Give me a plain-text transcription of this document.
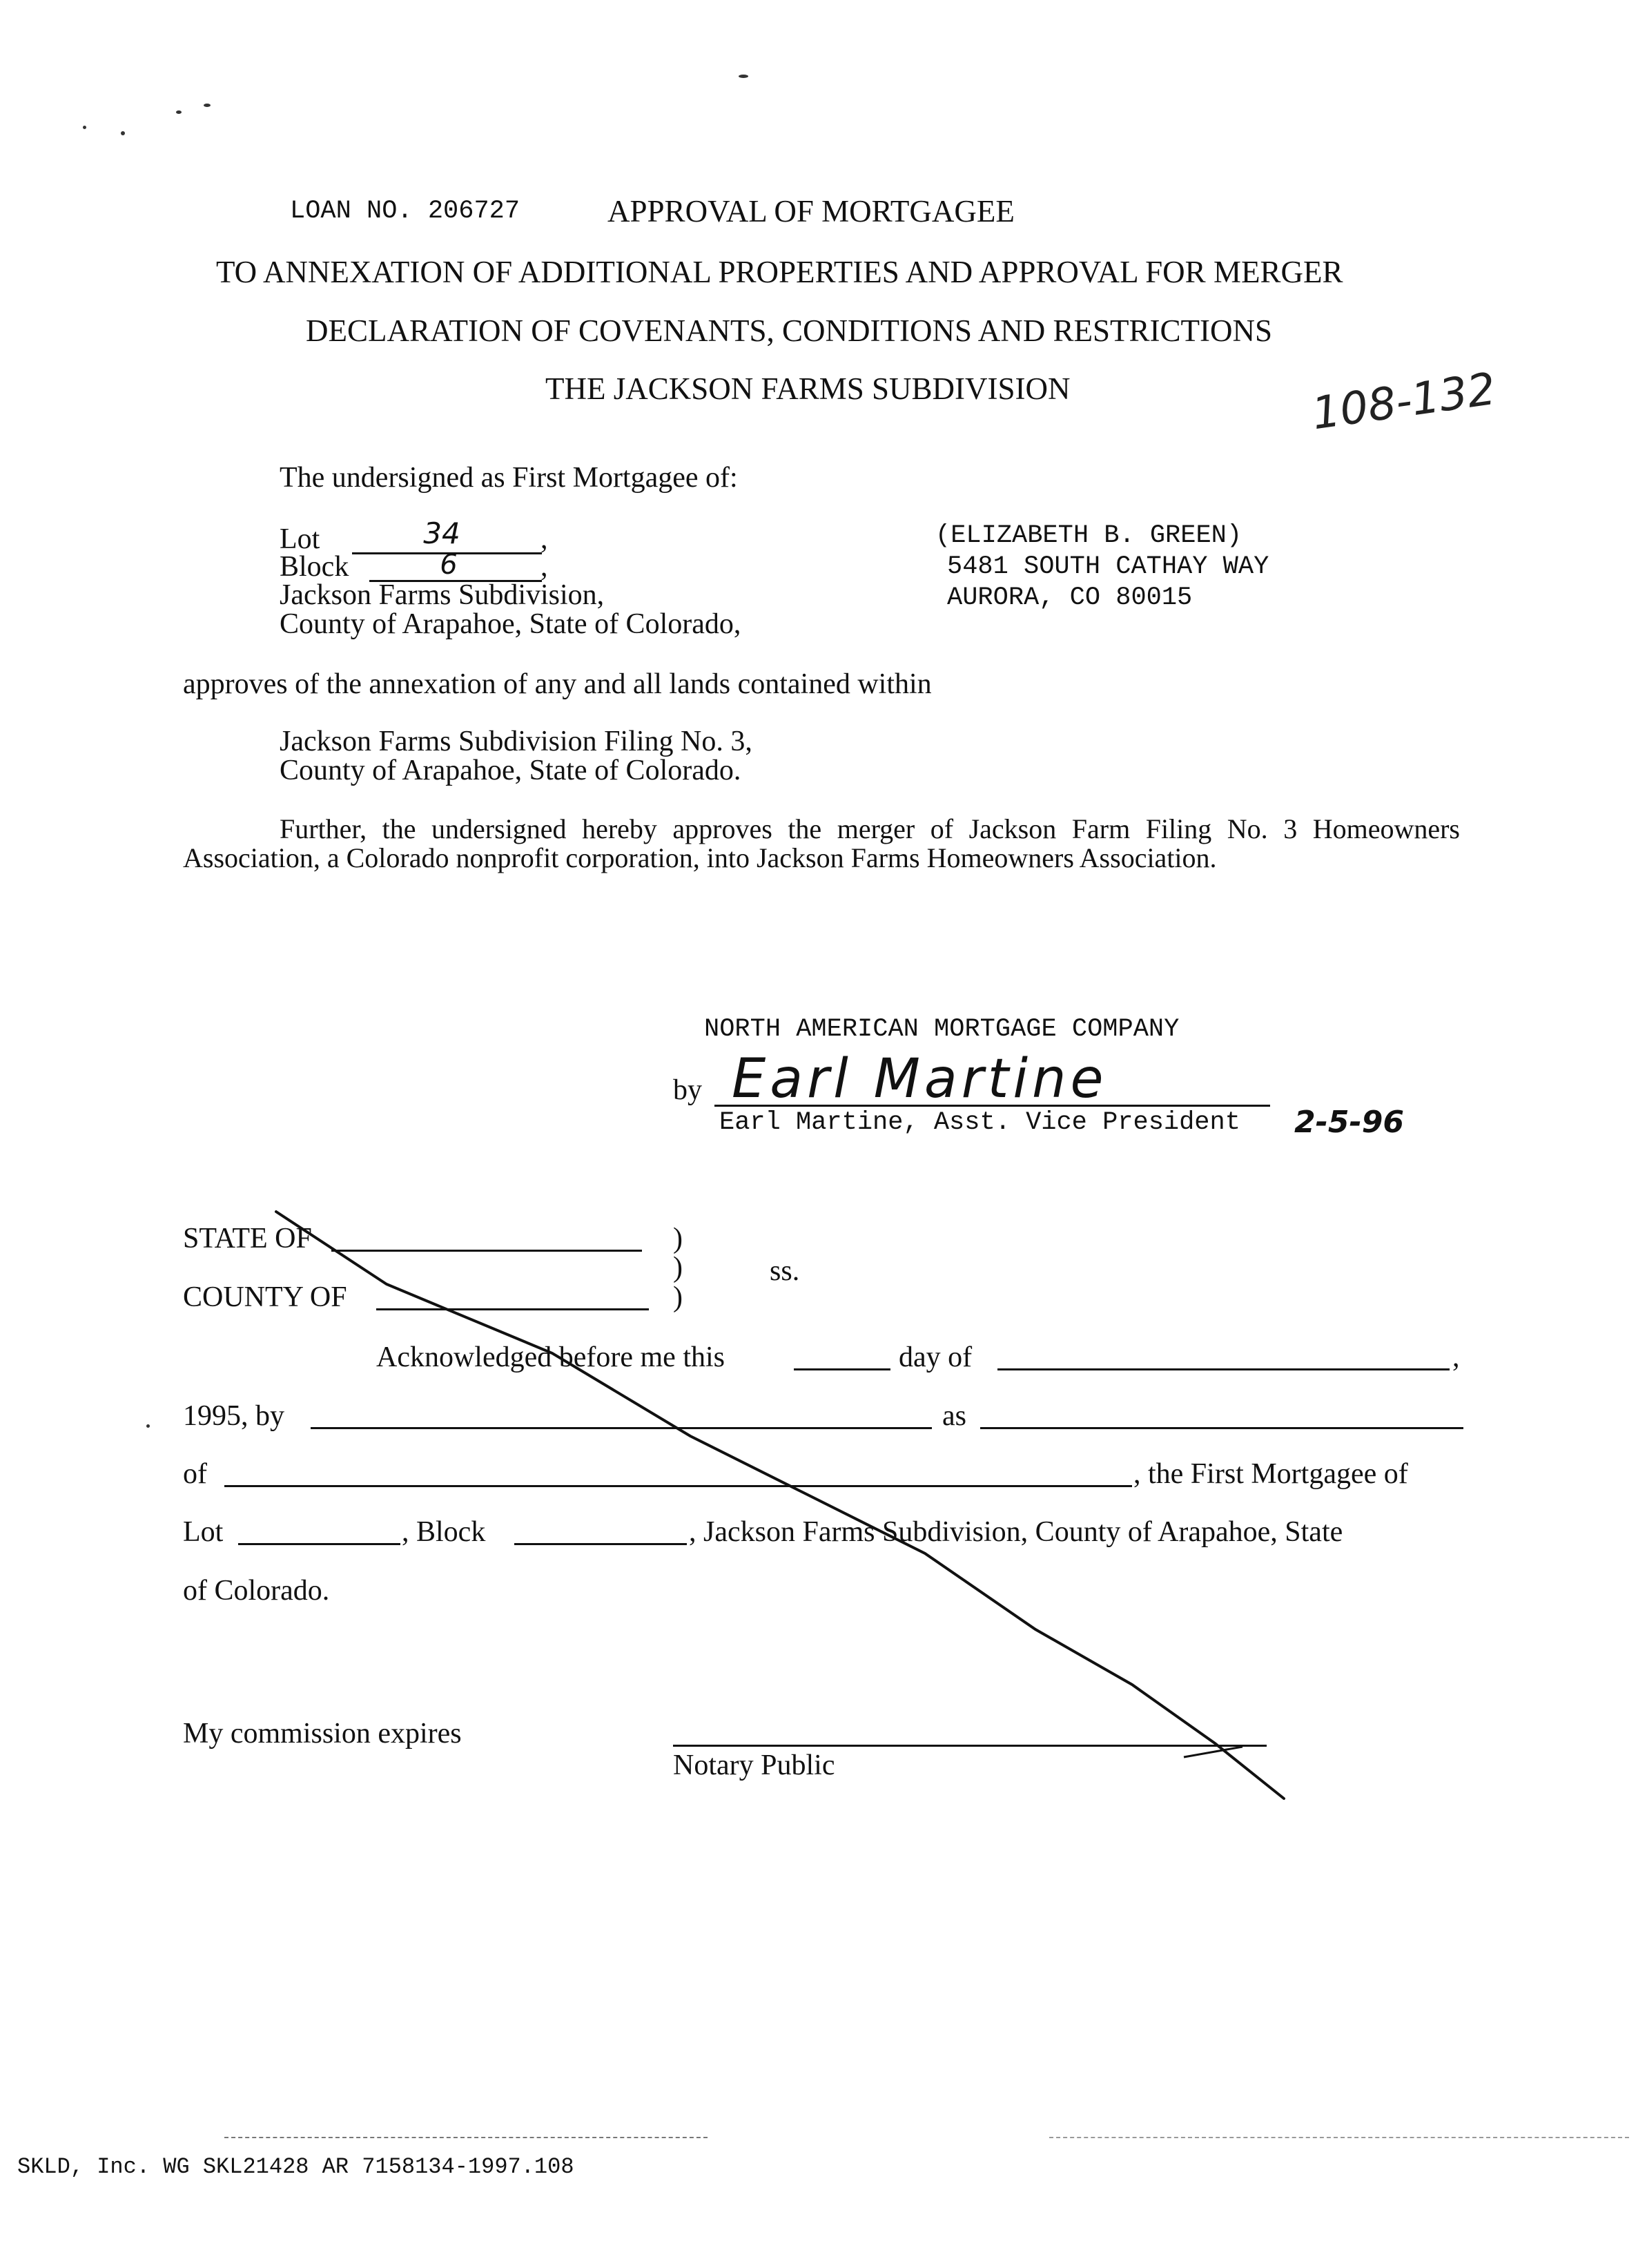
LOAN NO. 206727	APPROVAL OF MORTGAGEE
TO ANNEXATION OF ADDITIONAL PROPERTIES AND APPROVAL FOR MERGER
DECLARATION OF COVENANTS, CONDITIONS AND RESTRICTIONS
THE JACKSON FARMS SUBDIVISION	108-132
The undersigned as First Mortgagee of:
Lot	34	,
Block	6	,
Jackson Farms Subdivision,
County of Arapahoe, State of Colorado,
(ELIZABETH B. GREEN)
5481 SOUTH CATHAY WAY
AURORA, CO 80015
approves of the annexation of any and all lands contained within
Jackson Farms Subdivision Filing No. 3,
County of Arapahoe, State of Colorado.
Further, the undersigned hereby approves the merger of Jackson Farm Filing No. 3 Homeowners Association, a Colorado nonprofit corporation, into Jackson Farms Homeowners Association.
NORTH AMERICAN MORTGAGE COMPANY
by Earl Martine
Earl Martine, Asst. Vice President 2-5-96
STATE OF	)
)	ss.
COUNTY OF	)
Acknowledged before me this	day of	,
1995, by	as
of	, the First Mortgagee of
Lot	, Block	, Jackson Farms Subdivision, County of Arapahoe, State
of Colorado.
My commission expires
Notary Public
SKLD, Inc. WG SKL21428 AR 7158134-1997.108
